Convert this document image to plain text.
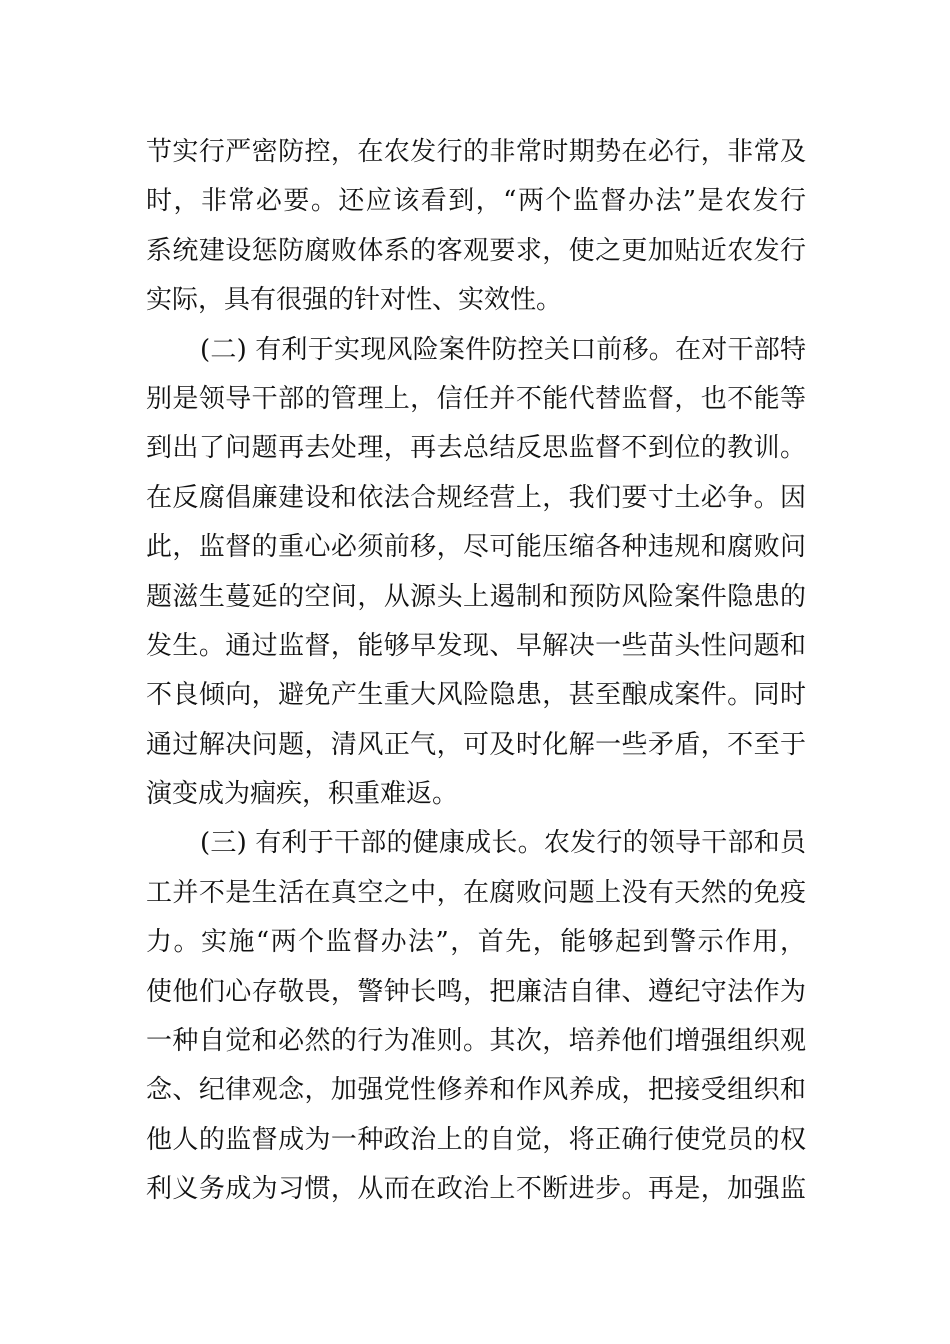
节实行严密防控，在农发行的非常时期势在必行，非常及
时，非常必要。还应该看到，“两个监督办法”是农发行
系统建设惩防腐败体系的客观要求，使之更加贴近农发行
实际，具有很强的针对性、实效性。
(二) 有利于实现风险案件防控关口前移。在对干部特
别是领导干部的管理上，信任并不能代替监督，也不能等
到出了问题再去处理，再去总结反思监督不到位的教训。
在反腐倡廉建设和依法合规经营上，我们要寸土必争。因
此，监督的重心必须前移，尽可能压缩各种违规和腐败问
题滋生蔓延的空间，从源头上遏制和预防风险案件隐患的
发生。通过监督，能够早发现、早解决一些苗头性问题和
不良倾向，避免产生重大风险隐患，甚至酿成案件。同时
通过解决问题，清风正气，可及时化解一些矛盾，不至于
演变成为痼疾，积重难返。
(三) 有利于干部的健康成长。农发行的领导干部和员
工并不是生活在真空之中，在腐败问题上没有天然的免疫
力。实施“两个监督办法”，首先，能够起到警示作用，
使他们心存敬畏，警钟长鸣，把廉洁自律、遵纪守法作为
一种自觉和必然的行为准则。其次，培养他们增强组织观
念、纪律观念，加强党性修养和作风养成，把接受组织和
他人的监督成为一种政治上的自觉，将正确行使党员的权
利义务成为习惯，从而在政治上不断进步。再是，加强监
